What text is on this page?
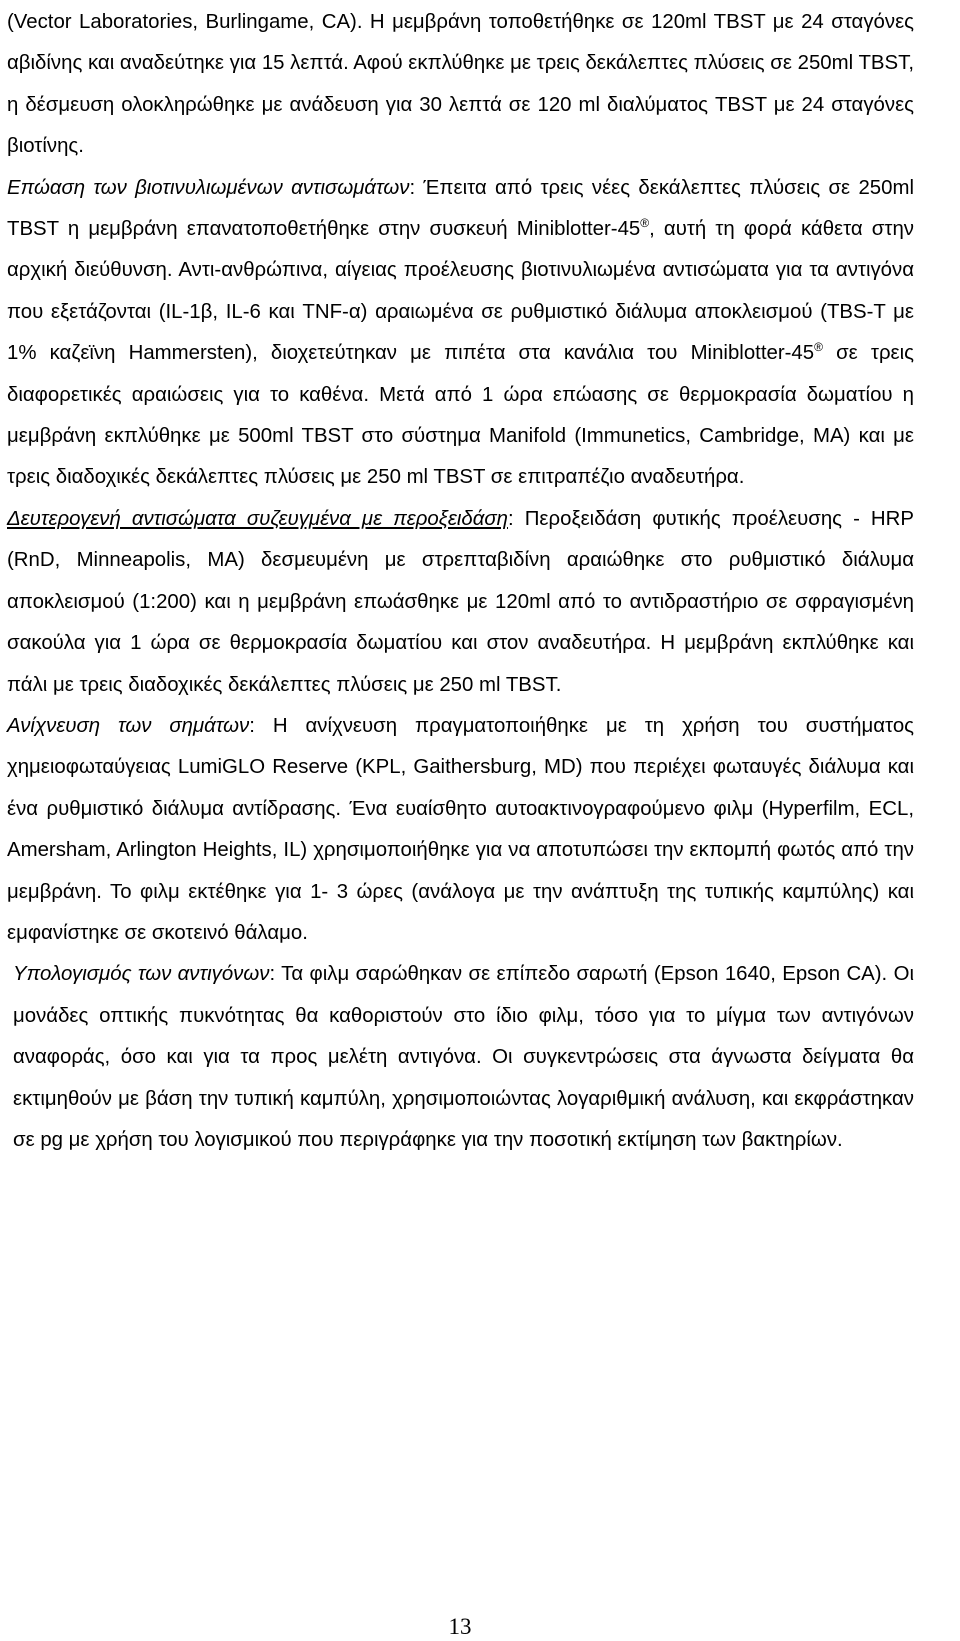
(Vector Laboratories, Burlingame, CA). Η μεμβράνη τοποθετήθηκε σε 120ml TBST με 24 σταγόνες αβιδίνης και αναδεύτηκε για 15 λεπτά. Αφού εκπλύθηκε με τρεις δεκάλεπτες πλύσεις σε 250ml TBST, η δέσμευση ολοκληρώθηκε με ανάδευση για 30 λεπτά σε 120 ml διαλύματος TBST με 24 σταγόνες βιοτίνης.

Επώαση των βιοτινυλιωμένων αντισωμάτων: Έπειτα από τρεις νέες δεκάλεπτες πλύσεις σε 250ml TBST η μεμβράνη επανατοποθετήθηκε στην συσκευή Miniblotter-45®, αυτή τη φορά κάθετα στην αρχική διεύθυνση. Αντι-ανθρώπινα, αίγειας προέλευσης βιοτινυλιωμένα αντισώματα για τα αντιγόνα που εξετάζονται (IL-1β, IL-6 και TNF-α) αραιωμένα σε ρυθμιστικό διάλυμα αποκλεισμού (TBS-T με 1% καζεϊνη Hammersten), διοχετεύτηκαν με πιπέτα στα κανάλια του Miniblotter-45® σε τρεις διαφορετικές αραιώσεις για το καθένα. Μετά από 1 ώρα επώασης σε θερμοκρασία δωματίου η μεμβράνη εκπλύθηκε με 500ml TBST στο σύστημα Manifold (Immunetics, Cambridge, MA) και με τρεις διαδοχικές δεκάλεπτες πλύσεις με 250 ml TBST σε επιτραπέζιο αναδευτήρα.

Δευτερογενή αντισώματα συζευγμένα με περοξειδάση: Περοξειδάση φυτικής προέλευσης - HRP (RnD, Minneapolis, MA) δεσμευμένη με στρεπταβιδίνη αραιώθηκε στο ρυθμιστικό διάλυμα αποκλεισμού (1:200) και η μεμβράνη επωάσθηκε με 120ml από το αντιδραστήριο σε σφραγισμένη σακούλα για 1 ώρα σε θερμοκρασία δωματίου και στον αναδευτήρα. Η μεμβράνη εκπλύθηκε και πάλι με τρεις διαδοχικές δεκάλεπτες πλύσεις με 250 ml TBST.

Ανίχνευση των σημάτων: Η ανίχνευση πραγματοποιήθηκε με τη χρήση του συστήματος χημειοφωταύγειας LumiGLO Reserve (KPL, Gaithersburg, MD) που περιέχει φωταυγές διάλυμα και ένα ρυθμιστικό διάλυμα αντίδρασης. Ένα ευαίσθητο αυτοακτινογραφούμενο φιλμ (Hyperfilm, ECL, Amersham, Arlington Heights, IL) χρησιμοποιήθηκε για να αποτυπώσει την εκπομπή φωτός από την μεμβράνη. Το φιλμ εκτέθηκε για 1- 3 ώρες (ανάλογα με την ανάπτυξη της τυπικής καμπύλης) και εμφανίστηκε σε σκοτεινό θάλαμο.

Υπολογισμός των αντιγόνων: Τα φιλμ σαρώθηκαν σε επίπεδο σαρωτή (Epson 1640, Epson CA). Οι μονάδες οπτικής πυκνότητας θα καθοριστούν στο ίδιο φιλμ, τόσο για το μίγμα των αντιγόνων αναφοράς, όσο και για τα προς μελέτη αντιγόνα. Οι συγκεντρώσεις στα άγνωστα δείγματα θα εκτιμηθούν με βάση την τυπική καμπύλη, χρησιμοποιώντας λογαριθμική ανάλυση, και εκφράστηκαν σε pg με χρήση του λογισμικού που περιγράφηκε για την ποσοτική εκτίμηση των βακτηρίων.

13
